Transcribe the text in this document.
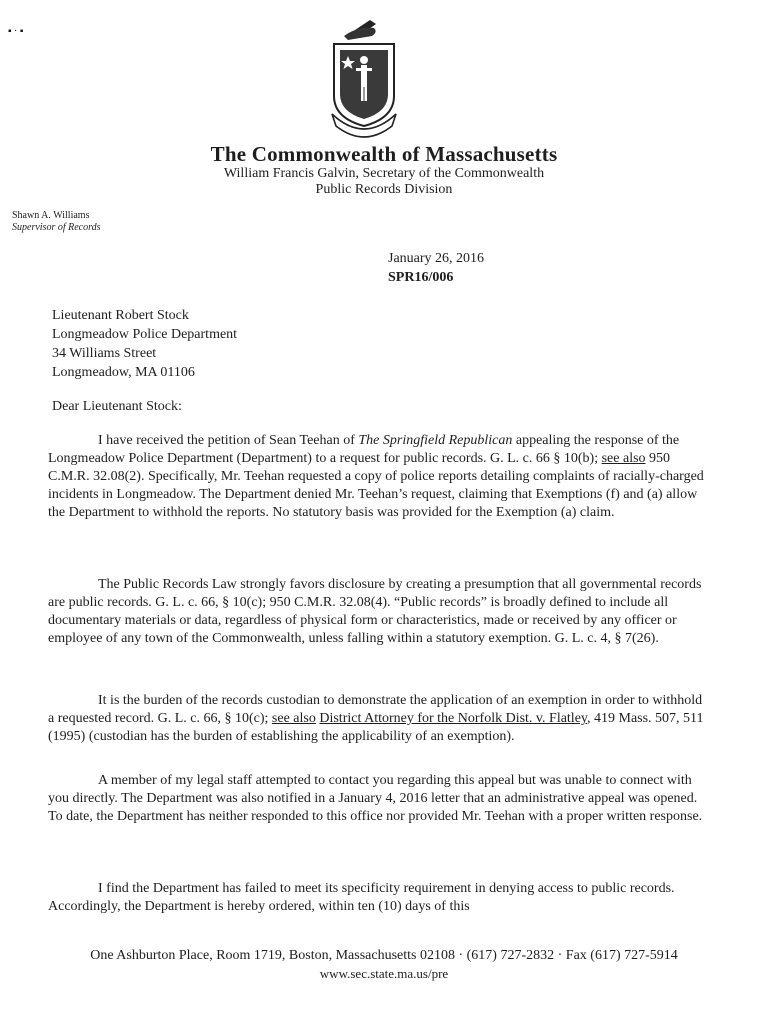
▪ · ▪
The Commonwealth of Massachusetts
William Francis Galvin, Secretary of the Commonwealth
Public Records Division
Shawn A. Williams
Supervisor of Records
January 26, 2016
SPR16/006
Lieutenant Robert Stock
Longmeadow Police Department
34 Williams Street
Longmeadow, MA 01106
Dear Lieutenant Stock:

I have received the petition of Sean Teehan of The Springfield Republican appealing the response of the Longmeadow Police Department (Department) to a request for public records. G. L. c. 66 § 10(b); see also 950 C.M.R. 32.08(2). Specifically, Mr. Teehan requested a copy of police reports detailing complaints of racially-charged incidents in Longmeadow. The Department denied Mr. Teehan’s request, claiming that Exemptions (f) and (a) allow the Department to withhold the reports. No statutory basis was provided for the Exemption (a) claim.

The Public Records Law strongly favors disclosure by creating a presumption that all governmental records are public records. G. L. c. 66, § 10(c); 950 C.M.R. 32.08(4). “Public records” is broadly defined to include all documentary materials or data, regardless of physical form or characteristics, made or received by any officer or employee of any town of the Commonwealth, unless falling within a statutory exemption. G. L. c. 4, § 7(26).

It is the burden of the records custodian to demonstrate the application of an exemption in order to withhold a requested record. G. L. c. 66, § 10(c); see also District Attorney for the Norfolk Dist. v. Flatley, 419 Mass. 507, 511 (1995) (custodian has the burden of establishing the applicability of an exemption).

A member of my legal staff attempted to contact you regarding this appeal but was unable to connect with you directly. The Department was also notified in a January 4, 2016 letter that an administrative appeal was opened. To date, the Department has neither responded to this office nor provided Mr. Teehan with a proper written response.

I find the Department has failed to meet its specificity requirement in denying access to public records. Accordingly, the Department is hereby ordered, within ten (10) days of this

One Ashburton Place, Room 1719, Boston, Massachusetts 02108 · (617) 727-2832 · Fax (617) 727-5914
www.sec.state.ma.us/pre
